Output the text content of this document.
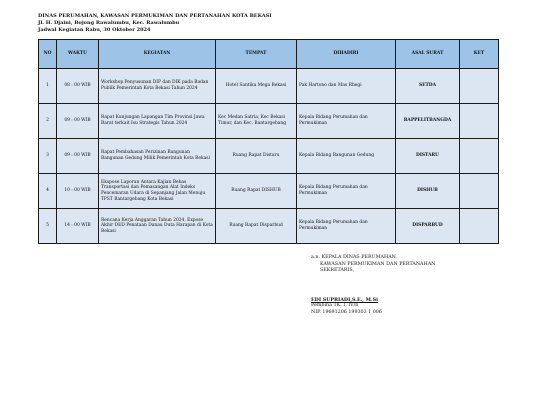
DINAS PERUMAHAN, KAWASAN PERMUKIMAN DAN PERTANAHAN KOTA BEKASI
Jl. H. Djaini, Bojong Rawalumbu, Kec. Rawalumbu
Jadwal Kegiatan Rabu, 30 Oktober 2024
NO	WAKTU	KEGIATAN	TEMPAT	DIHADIRI	ASAL SURAT	KET
1	08 : 00 WIB	Workshop Penyusunan DIP dan DIK pada Badan Publik Pemerintah Kota Bekasi Tahun 2024	Hotel Santika Mega Bekasi	Pak Hartono dan Mas Rhegi	SETDA	
2	09 : 00 WIB	Rapat Kunjungan Lapangan Tim Provinsi Jawa Barat terkait Isu Strategis Tahun 2024	Kec Medan Satria, Kec Bekasi Timur, dan Kec. Bantargebang	Kepala Bidang Perumahan dan Permukiman	BAPPELITBANGDA	
3	09 : 00 WIB	Rapat Pembahasan Perizinan Bangunan Bangunan Gedung Milik Pemerintah Kota Bekasi	Ruang Rapat Distaru	Kepala Bidang Bangunan Gedung	DISTARU	
4	10 : 00 WIB	Ekspose Laporan Antara Kajian Bebas Transportasi dan Pemasangan Alat Indeks Pencemaran Udara di Sepanjang Jalan Menuju TPST Bantargebang Kota Bekasi	Ruang Rapat DISHUB	Kepala Bidang Perumahan dan Permukiman	DISHUB	
5	14 : 00 WIB	Rencana Kerja Anggaran Tahun 2024, Expose Akhir DED Penataan Danau Duta Harapan di Kota Bekasi	Ruang Rapat Disparbud	Kepala Bidang Perumahan dan Permukiman	DISPARBUD	
a.n. KEPALA DINAS PERUMAHAN,
KAWASAN PERMUKIMAN DAN PERTANAHAN
SEKRETARIS,
EDI SUPRIADI,S.E., M.Si
Pembina TK. I, IV/b
NIP. 19691206 199303 1 006
